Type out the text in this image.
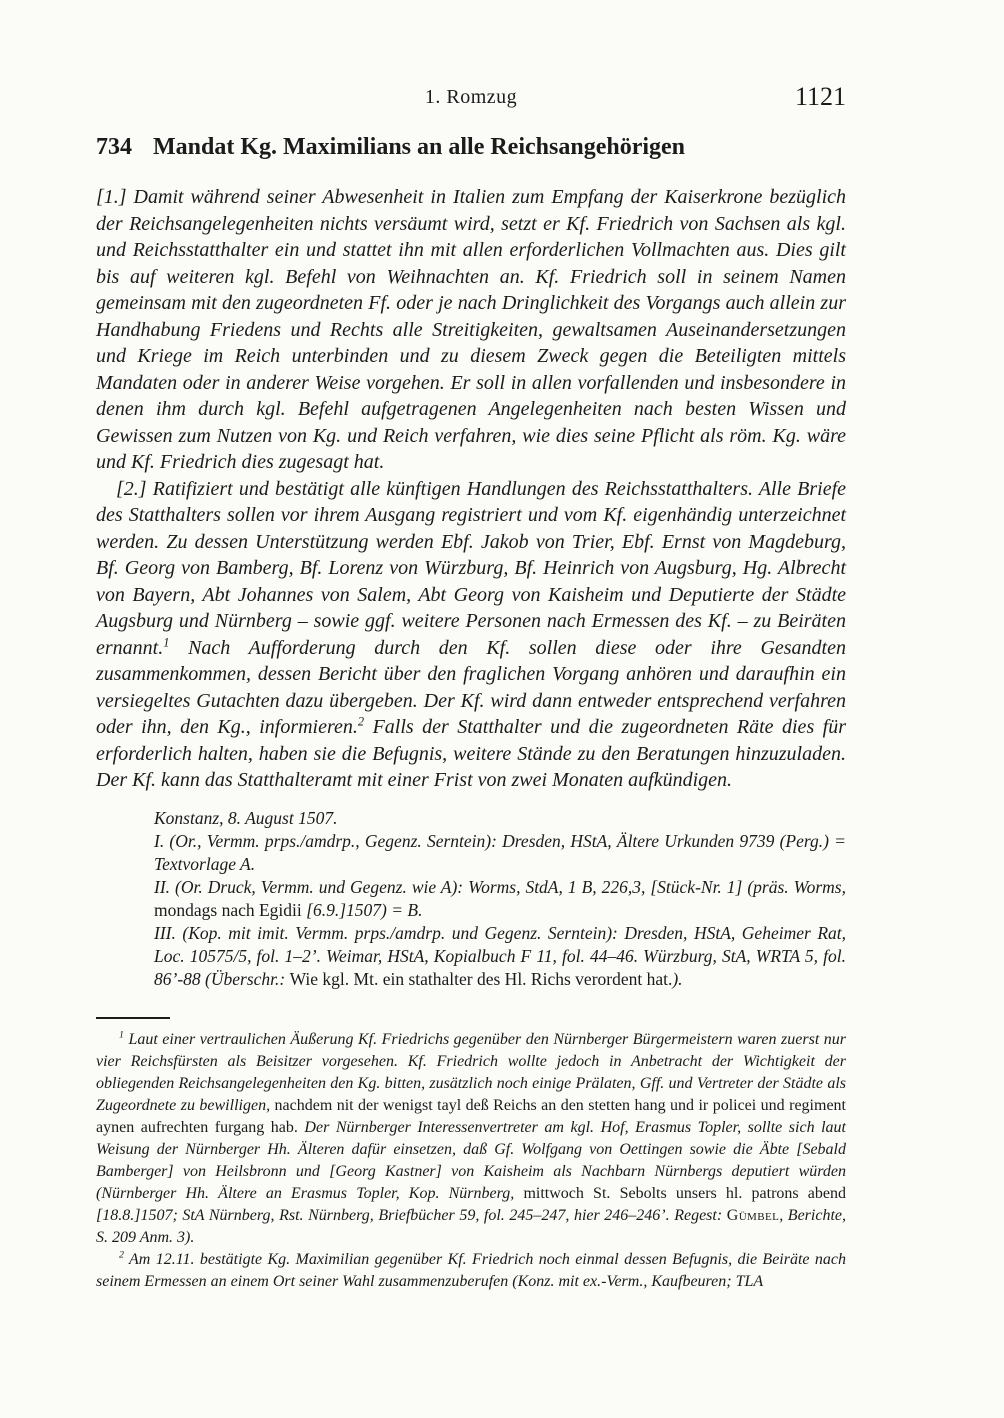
1. Romzug	1121
734 Mandat Kg. Maximilians an alle Reichsangehörigen

[1.] Damit während seiner Abwesenheit in Italien zum Empfang der Kaiserkrone bezüglich der Reichsangelegenheiten nichts versäumt wird, setzt er Kf. Friedrich von Sachsen als kgl. und Reichsstatthalter ein und stattet ihn mit allen erforderlichen Vollmachten aus. Dies gilt bis auf weiteren kgl. Befehl von Weihnachten an. Kf. Friedrich soll in seinem Namen gemeinsam mit den zugeordneten Ff. oder je nach Dringlichkeit des Vorgangs auch allein zur Handhabung Friedens und Rechts alle Streitigkeiten, gewaltsamen Auseinandersetzungen und Kriege im Reich unterbinden und zu diesem Zweck gegen die Beteiligten mittels Mandaten oder in anderer Weise vorgehen. Er soll in allen vorfallenden und insbesondere in denen ihm durch kgl. Befehl aufgetragenen Angelegenheiten nach besten Wissen und Gewissen zum Nutzen von Kg. und Reich verfahren, wie dies seine Pflicht als röm. Kg. wäre und Kf. Friedrich dies zugesagt hat.

[2.] Ratifiziert und bestätigt alle künftigen Handlungen des Reichsstatthalters. Alle Briefe des Statthalters sollen vor ihrem Ausgang registriert und vom Kf. eigenhändig unterzeichnet werden. Zu dessen Unterstützung werden Ebf. Jakob von Trier, Ebf. Ernst von Magdeburg, Bf. Georg von Bamberg, Bf. Lorenz von Würzburg, Bf. Heinrich von Augsburg, Hg. Albrecht von Bayern, Abt Johannes von Salem, Abt Georg von Kaisheim und Deputierte der Städte Augsburg und Nürnberg – sowie ggf. weitere Personen nach Ermessen des Kf. – zu Beiräten ernannt.$^1$ Nach Aufforderung durch den Kf. sollen diese oder ihre Gesandten zusammenkommen, dessen Bericht über den fraglichen Vorgang anhören und daraufhin ein versiegeltes Gutachten dazu übergeben. Der Kf. wird dann entweder entsprechend verfahren oder ihn, den Kg., informieren.$^2$ Falls der Statthalter und die zugeordneten Räte dies für erforderlich halten, haben sie die Befugnis, weitere Stände zu den Beratungen hinzuzuladen. Der Kf. kann das Statthalteramt mit einer Frist von zwei Monaten aufkündigen.

Konstanz, 8. August 1507.

I. (Or., Vermm. prps./amdrp., Gegenz. Serntein): Dresden, HStA, Ältere Urkunden 9739 (Perg.) = Textvorlage A.

II. (Or. Druck, Vermm. und Gegenz. wie A): Worms, StdA, 1 B, 226,3, [Stück-Nr. 1] (präs. Worms, mondags nach Egidii [6.9.]1507) = B.

III. (Kop. mit imit. Vermm. prps./amdrp. und Gegenz. Serntein): Dresden, HStA, Geheimer Rat, Loc. 10575/5, fol. 1–2’. Weimar, HStA, Kopialbuch F 11, fol. 44–46. Würzburg, StA, WRTA 5, fol. 86’-88 (Überschr.: Wie kgl. Mt. ein stathalter des Hl. Richs verordent hat.).

$^1$ Laut einer vertraulichen Äußerung Kf. Friedrichs gegenüber den Nürnberger Bürgermeistern waren zuerst nur vier Reichsfürsten als Beisitzer vorgesehen. Kf. Friedrich wollte jedoch in Anbetracht der Wichtigkeit der obliegenden Reichsangelegenheiten den Kg. bitten, zusätzlich noch einige Prälaten, Gff. und Vertreter der Städte als Zugeordnete zu bewilligen, nachdem nit der wenigst tayl deß Reichs an den stetten hang und ir policei und regiment aynen aufrechten furgang hab. Der Nürnberger Interessenvertreter am kgl. Hof, Erasmus Topler, sollte sich laut Weisung der Nürnberger Hh. Älteren dafür einsetzen, daß Gf. Wolfgang von Oettingen sowie die Äbte [Sebald Bamberger] von Heilsbronn und [Georg Kastner] von Kaisheim als Nachbarn Nürnbergs deputiert würden (Nürnberger Hh. Ältere an Erasmus Topler, Kop. Nürnberg, mittwoch St. Sebolts unsers hl. patrons abend [18.8.]1507; StA Nürnberg, Rst. Nürnberg, Briefbücher 59, fol. 245–247, hier 246–246’. Regest: Gümbel, Berichte, S. 209 Anm. 3).

$^2$ Am 12.11. bestätigte Kg. Maximilian gegenüber Kf. Friedrich noch einmal dessen Befugnis, die Beiräte nach seinem Ermessen an einem Ort seiner Wahl zusammenzuberufen (Konz. mit ex.-Verm., Kaufbeuren; TLA
